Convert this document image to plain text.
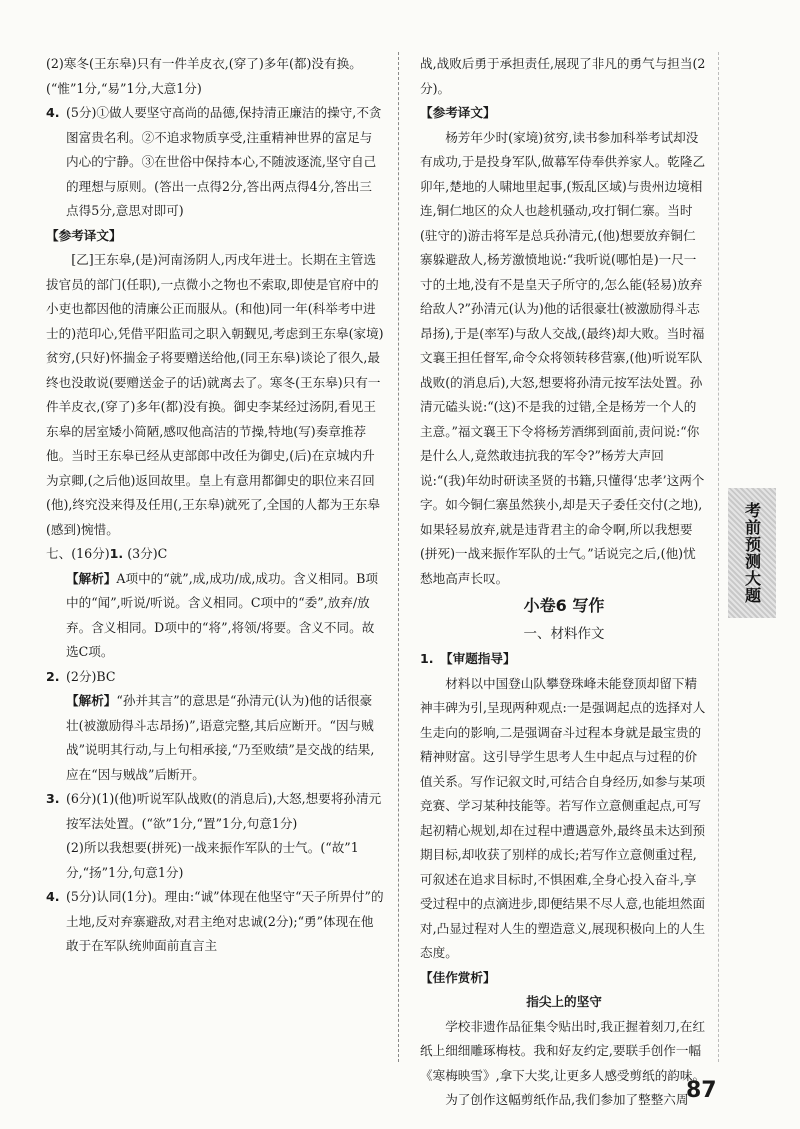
(2)寒冬(王东皋)只有一件羊皮衣,(穿了)多年(都)没有换。(“惟”1分,“易”1分,大意1分)

4. (5分)①做人要坚守高尚的品德,保持清正廉洁的操守,不贪图富贵名利。②不追求物质享受,注重精神世界的富足与内心的宁静。③在世俗中保持本心,不随波逐流,坚守自己的理想与原则。(答出一点得2分,答出两点得4分,答出三点得5分,意思对即可)

【 参考译文 】

[乙]王东皋,(是)河南汤阴人,丙戌年进士。长期在主管选拔官员的部门(任职),一点微小之物也不索取,即使是官府中的小吏也都因他的清廉公正而服从。(和他)同一年(科举考中进士的)范印心,凭借平阳监司之职入朝觐见,考虑到王东皋(家境)贫穷,(只好)怀揣金子将要赠送给他,(同王东皋)谈论了很久,最终也没敢说(要赠送金子的话)就离去了。寒冬(王东皋)只有一件羊皮衣,(穿了)多年(都)没有换。御史李某经过汤阴,看见王东皋的居室矮小简陋,感叹他高洁的节操,特地(写)奏章推荐他。当时王东皋已经从吏部郎中改任为御史,(后)在京城内升为京卿,(之后他)返回故里。皇上有意用都御史的职位来召回(他),终究没来得及任用(,王东皋)就死了,全国的人都为王东皋(感到)惋惜。

七、(16分)1. (3分)C

【 解析 】 A项中的“就”,成,成功/成,成功。含义相同。B项中的“闻”,听说/听说。含义相同。C项中的“委”,放弃/放弃。含义相同。D项中的“将”,将领/将要。含义不同。故选C项。

2. (2分)BC

【 解析 】 “孙并其言”的意思是“孙清元(认为)他的话很豪壮(被激励得斗志昂扬)”,语意完整,其后应断开。“因与贼战”说明其行动,与上句相承接,“乃至败绩”是交战的结果,应在“因与贼战”后断开。

3. (6分)(1)(他)听说军队战败(的消息后),大怒,想要将孙清元按军法处置。(“欲”1分,“置”1分,句意1分)

(2)所以我想要(拼死)一战来振作军队的士气。(“故”1分,“扬”1分,句意1分)

4. (5分)认同(1分)。理由:“诚”体现在他坚守“天子所畀付”的土地,反对弃寨避敌,对君主绝对忠诚(2分);“勇”体现在他敢于在军队统帅面前直言主

战,战败后勇于承担责任,展现了非凡的勇气与担当(2分)。

【 参考译文 】

杨芳年少时(家境)贫穷,读书参加科举考试却没有成功,于是投身军队,做幕军侍奉供养家人。乾隆乙卯年,楚地的人啸地里起事,(叛乱区域)与贵州边境相连,铜仁地区的众人也趁机骚动,攻打铜仁寨。当时(驻守的)游击将军是总兵孙清元,(他)想要放弃铜仁寨躲避敌人,杨芳激愤地说:“我听说(哪怕是)一尺一寸的土地,没有不是皇天子所守的,怎么能(轻易)放弃给敌人?”孙清元(认为)他的话很豪壮(被激励得斗志昂扬),于是(率军)与敌人交战,(最终)却大败。当时福文襄王担任督军,命令众将领转移营寨,(他)听说军队战败(的消息后),大怒,想要将孙清元按军法处置。孙清元磕头说:“(这)不是我的过错,全是杨芳一个人的主意。”福文襄王下令将杨芳酒绑到面前,责问说:“你是什么人,竟然敢违抗我的军令?”杨芳大声回说:“(我)年幼时研读圣贤的书籍,只懂得‘忠孝’这两个字。如今铜仁寨虽然狭小,却是天子委任交付(之地),如果轻易放弃,就是违背君主的命令啊,所以我想要(拼死)一战来振作军队的士气。”话说完之后,(他)忧愁地高声长叹。

小卷6 写作
一、材料作文
1.
【	审题指导 】

材料以中国登山队攀登珠峰未能登顶却留下精神丰碑为引,呈现两种观点:一是强调起点的选择对人生走向的影响,二是强调奋斗过程本身就是最宝贵的精神财富。这引导学生思考人生中起点与过程的价值关系。写作记叙文时,可结合自身经历,如参与某项竞赛、学习某种技能等。若写作立意侧重起点,可写起初精心规划,却在过程中遭遇意外,最终虽未达到预期目标,却收获了别样的成长;若写作立意侧重过程,可叙述在追求目标时,不惧困难,全身心投入奋斗,享受过程中的点滴进步,即便结果不尽人意,也能坦然面对,凸显过程对人生的塑造意义,展现积极向上的人生态度。

【 佳作赏析 】
指尖上的坚守

学校非遗作品征集令贴出时,我正握着刻刀,在红纸上细细雕琢梅枝。我和好友约定,要联手创作一幅《寒梅映雪》,拿下大奖,让更多人感受剪纸的韵味。

为了创作这幅剪纸作品,我们参加了整整六周

考前预测大题
87
